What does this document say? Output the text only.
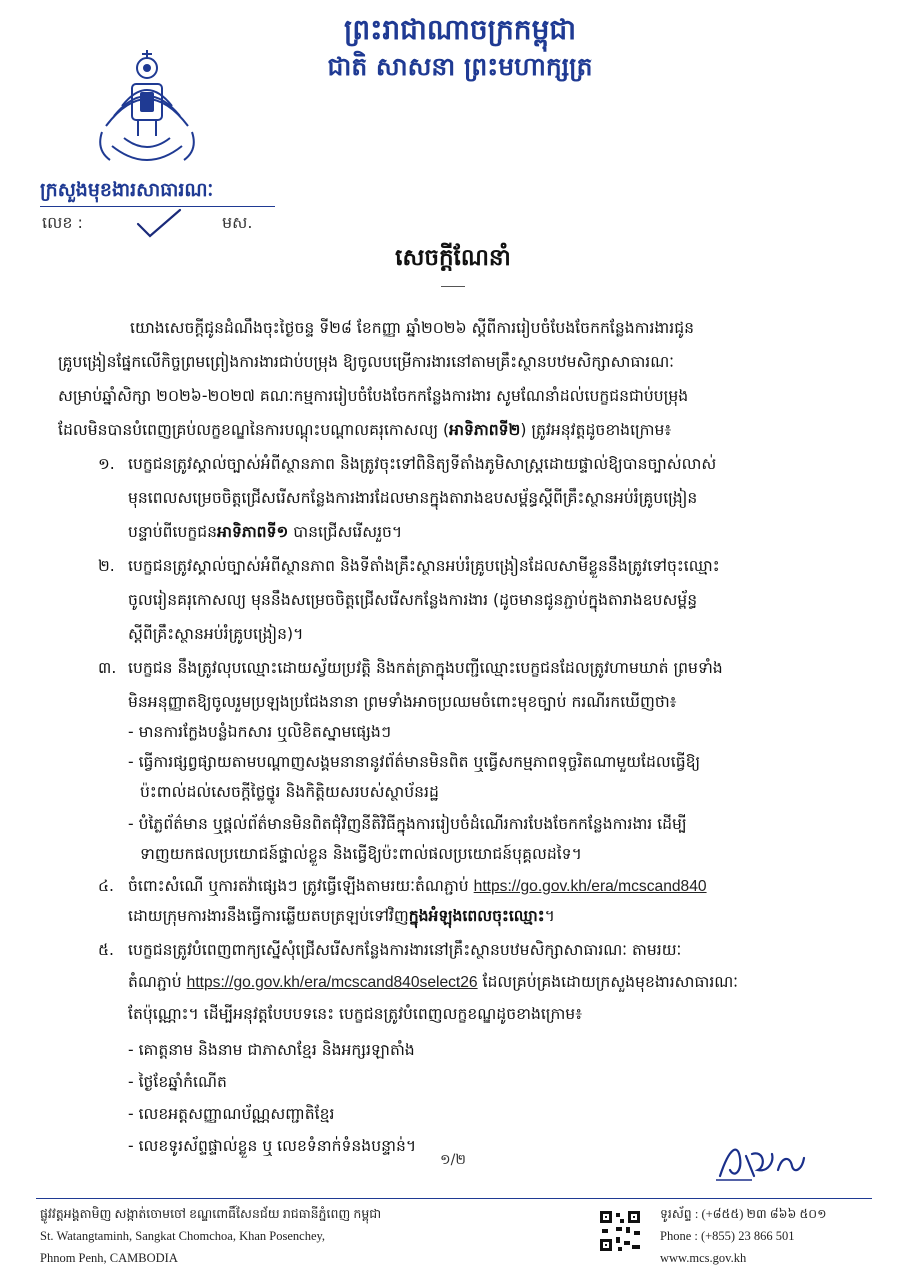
ព្រះរាជាណាចក្រកម្ពុជា
ជាតិ សាសនា ព្រះមហាក្សត្រ
ក្រសួងមុខងារសាធារណៈ
លេខ :	មស.
សេចក្តីណែនាំ
យោងសេចក្តីជូនដំណឹងចុះថ្ងៃចន្ទ ទី២៨ ខែកញ្ញា ឆ្នាំ២០២៦ ស្តីពីការរៀបចំបែងចែកកន្លែងការងារជូន
គ្រូបង្រៀនផ្នែកលើកិច្ចព្រមព្រៀងការងារជាប់បម្រុង ឱ្យចូលបម្រើការងារនៅតាមគ្រឹះស្ថានបឋមសិក្សាសាធារណៈ
សម្រាប់ឆ្នាំសិក្សា ២០២៦-២០២៧ គណៈកម្មការរៀបចំបែងចែកកន្លែងការងារ សូមណែនាំដល់បេក្ខជនជាប់បម្រុង
ដែលមិនបានបំពេញគ្រប់លក្ខខណ្ឌនៃការបណ្តុះបណ្តាលគរុកោសល្យ (អាទិភាពទី២) ត្រូវអនុវត្តដូចខាងក្រោម៖
១. បេក្ខជនត្រូវស្គាល់ច្បាស់អំពីស្ថានភាព និងត្រូវចុះទៅពិនិត្យទីតាំងភូមិសាស្ត្រដោយផ្ទាល់ឱ្យបានច្បាស់លាស់
មុនពេលសម្រេចចិត្តជ្រើសរើសកន្លែងការងារដែលមានក្នុងតារាងឧបសម្ព័ន្ធស្តីពីគ្រឹះស្ថានអប់រំគ្រូបង្រៀន
បន្ទាប់ពីបេក្ខជនអាទិភាពទី១ បានជ្រើសរើសរួច។
២. បេក្ខជនត្រូវស្គាល់ច្បាស់អំពីស្ថានភាព និងទីតាំងគ្រឹះស្ថានអប់រំគ្រូបង្រៀនដែលសាមីខ្លួននឹងត្រូវទៅចុះឈ្មោះ
ចូលរៀនគរុកោសល្យ មុននឹងសម្រេចចិត្តជ្រើសរើសកន្លែងការងារ (ដូចមានជូនភ្ជាប់ក្នុងតារាងឧបសម្ព័ន្ធ
ស្តីពីគ្រឹះស្ថានអប់រំគ្រូបង្រៀន)។
៣. បេក្ខជន នឹងត្រូវលុបឈ្មោះដោយស្វ័យប្រវត្តិ និងកត់ត្រាក្នុងបញ្ជីឈ្មោះបេក្ខជនដែលត្រូវហាមឃាត់ ព្រមទាំង
មិនអនុញ្ញាតឱ្យចូលរួមប្រឡងប្រជែងនានា ព្រមទាំងអាចប្រឈមចំពោះមុខច្បាប់ ករណីរកឃើញថា៖
- មានការក្លែងបន្លំឯកសារ ឬលិខិតស្នាមផ្សេងៗ
- ធ្វើការផ្សព្វផ្សាយតាមបណ្តាញសង្គមនានានូវព័ត៌មានមិនពិត ឬធ្វើសកម្មភាពទុច្ចរិតណាមួយដែលធ្វើឱ្យ
ប៉ះពាល់ដល់សេចក្តីថ្លៃថ្នូរ និងកិត្តិយសរបស់ស្ថាប័នរដ្ឋ
- បំភ្លៃព័ត៌មាន ឬផ្តល់ព័ត៌មានមិនពិតជុំវិញនីតិវិធីក្នុងការរៀបចំដំណើរការបែងចែកកន្លែងការងារ ដើម្បី
ទាញយកផលប្រយោជន៍ផ្ទាល់ខ្លួន និងធ្វើឱ្យប៉ះពាល់ផលប្រយោជន៍បុគ្គលដទៃ។
៤. ចំពោះសំណើ ឬការតវ៉ាផ្សេងៗ ត្រូវធ្វើឡើងតាមរយៈតំណភ្ជាប់ https://go.gov.kh/era/mcscand840
ដោយក្រុមការងារនឹងធ្វើការឆ្លើយតបត្រឡប់ទៅវិញក្នុងអំឡុងពេលចុះឈ្មោះ។
៥. បេក្ខជនត្រូវបំពេញពាក្យស្នើសុំជ្រើសរើសកន្លែងការងារនៅគ្រឹះស្ថានបឋមសិក្សាសាធារណៈ តាមរយៈ
តំណភ្ជាប់ https://go.gov.kh/era/mcscand840select26 ដែលគ្រប់គ្រងដោយក្រសួងមុខងារសាធារណៈ
តែប៉ុណ្ណោះ។ ដើម្បីអនុវត្តបែបបទនេះ បេក្ខជនត្រូវបំពេញលក្ខខណ្ឌដូចខាងក្រោម៖
- គោត្តនាម និងនាម ជាភាសាខ្មែរ និងអក្សរឡាតាំង
- ថ្ងៃខែឆ្នាំកំណើត
- លេខអត្តសញ្ញាណប័ណ្ណសញ្ជាតិខ្មែរ
- លេខទូរស័ព្ទផ្ទាល់ខ្លួន ឬ លេខទំនាក់ទំនងបន្ទាន់។
១/២
ផ្លូវវត្តអង្គតាមិញ សង្កាត់ចោមចៅ ខណ្ឌពោធិ៍សែនជ័យ រាជធានីភ្នំពេញ កម្ពុជា
St. Watangtaminh, Sangkat Chomchoa, Khan Posenchey,
Phnom Penh, CAMBODIA
ទូរស័ព្ទ : (+៨៥៥) ២៣ ៨៦៦ ៥០១
Phone : (+855) 23 866 501
www.mcs.gov.kh
